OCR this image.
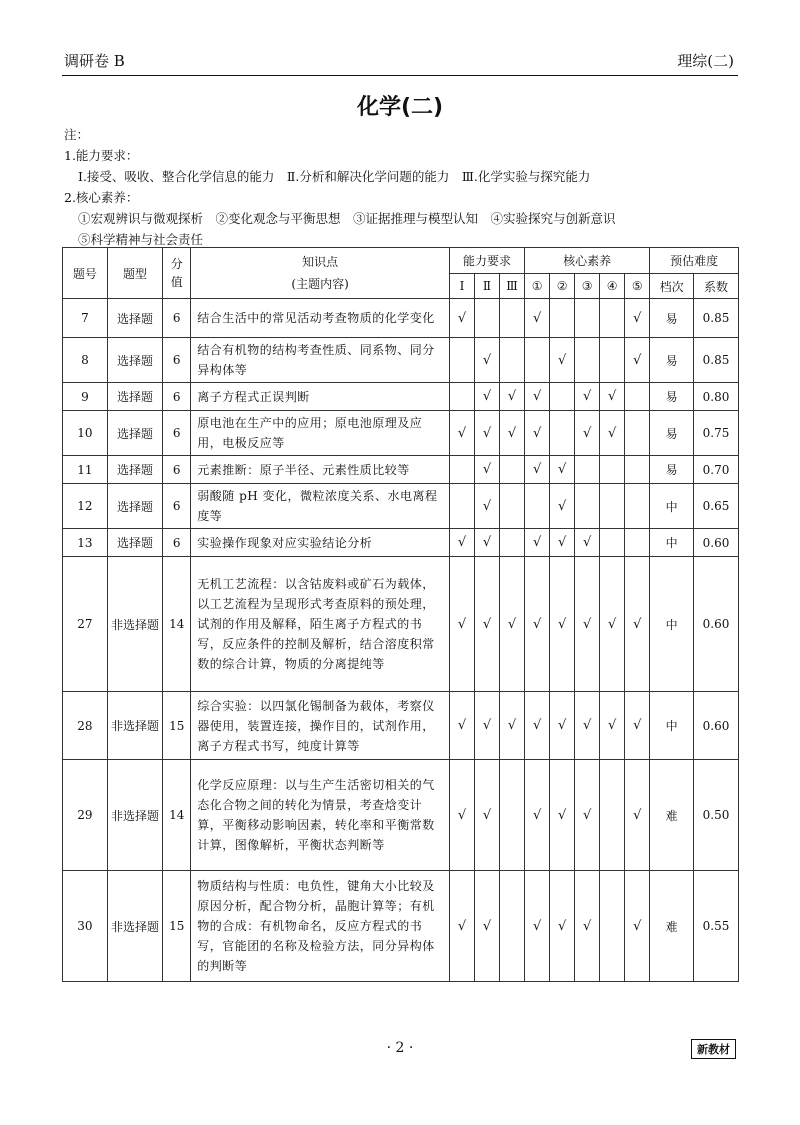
调研卷 B	理综(二)
化学(二)
注：
1.能力要求：
Ⅰ.接受、吸收、整合化学信息的能力　Ⅱ.分析和解决化学问题的能力　Ⅲ.化学实验与探究能力
2.核心素养：
①宏观辨识与微观探析　②变化观念与平衡思想　③证据推理与模型认知　④实验探究与创新意识
⑤科学精神与社会责任
题号	题型	分值	知识点
(主题内容)	能力要求			核心素养					预估难度	
				Ⅰ	Ⅱ	Ⅲ	①	②	③	④	⑤	档次	系数
7	选择题	6	结合生活中的常见活动考查物质的化学变化	√			√				√	易	0.85
8	选择题	6	结合有机物的结构考查性质、同系物、同分异构体等		√			√			√	易	0.85
9	选择题	6	离子方程式正误判断		√	√	√		√	√		易	0.80
10	选择题	6	原电池在生产中的应用；原电池原理及应用，电极反应等	√	√	√	√		√	√		易	0.75
11	选择题	6	元素推断：原子半径、元素性质比较等		√		√	√				易	0.70
12	选择题	6	弱酸随 pH 变化，微粒浓度关系、水电离程度等		√			√				中	0.65
13	选择题	6	实验操作现象对应实验结论分析	√	√		√	√	√			中	0.60
27	非选择题	14	无机工艺流程：以含钴废料或矿石为载体，以工艺流程为呈现形式考查原料的预处理，试剂的作用及解释，陌生离子方程式的书写，反应条件的控制及解析，结合溶度积常数的综合计算，物质的分离提纯等	√	√	√	√	√	√	√	√	中	0.60
28	非选择题	15	综合实验：以四氯化锡制备为载体，考察仪器使用，装置连接，操作目的，试剂作用，离子方程式书写，纯度计算等	√	√	√	√	√	√	√	√	中	0.60
29	非选择题	14	化学反应原理：以与生产生活密切相关的气态化合物之间的转化为情景，考查焓变计算，平衡移动影响因素，转化率和平衡常数计算，图像解析，平衡状态判断等	√	√		√	√	√		√	难	0.50
30	非选择题	15	物质结构与性质：电负性，键角大小比较及原因分析，配合物分析，晶胞计算等；有机物的合成：有机物命名，反应方程式的书写，官能团的名称及检验方法，同分异构体的判断等	√	√		√	√	√		√	难	0.55
· 2 ·	新教材
